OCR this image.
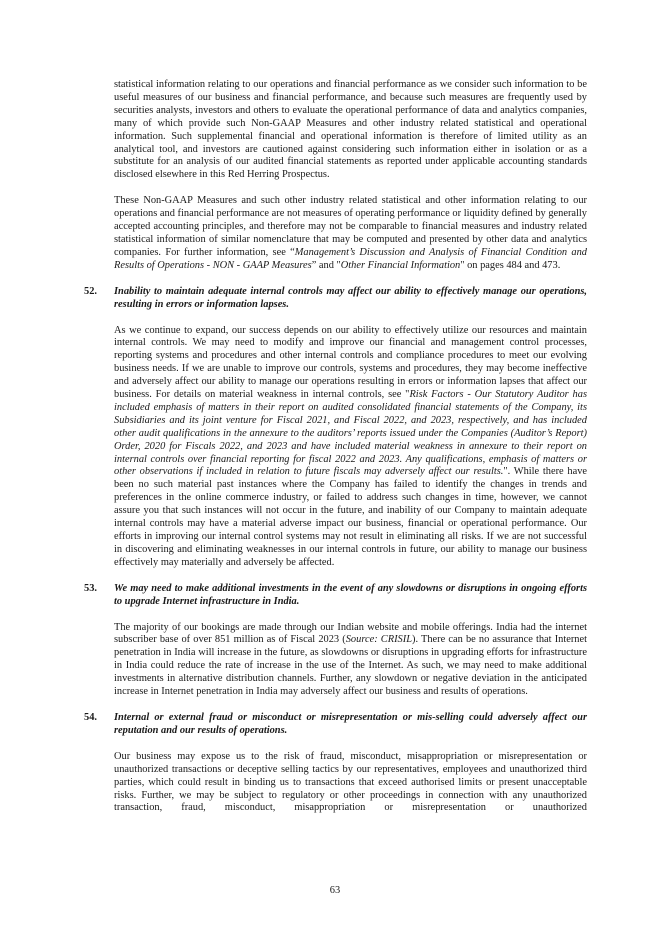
statistical information relating to our operations and financial performance as we consider such information to be useful measures of our business and financial performance, and because such measures are frequently used by securities analysts, investors and others to evaluate the operational performance of data and analytics companies, many of which provide such Non-GAAP Measures and other industry related statistical and operational information. Such supplemental financial and operational information is therefore of limited utility as an analytical tool, and investors are cautioned against considering such information either in isolation or as a substitute for an analysis of our audited financial statements as reported under applicable accounting standards disclosed elsewhere in this Red Herring Prospectus.

These Non-GAAP Measures and such other industry related statistical and other information relating to our operations and financial performance are not measures of operating performance or liquidity defined by generally accepted accounting principles, and therefore may not be comparable to financial measures and industry related statistical information of similar nomenclature that may be computed and presented by other data and analytics companies. For further information, see “Management’s Discussion and Analysis of Financial Condition and Results of Operations - NON - GAAP Measures” and "Other Financial Information" on pages 484 and 473.

52. Inability to maintain adequate internal controls may affect our ability to effectively manage our operations, resulting in errors or information lapses.

As we continue to expand, our success depends on our ability to effectively utilize our resources and maintain internal controls. We may need to modify and improve our financial and management control processes, reporting systems and procedures and other internal controls and compliance procedures to meet our evolving business needs. If we are unable to improve our controls, systems and procedures, they may become ineffective and adversely affect our ability to manage our operations resulting in errors or information lapses that affect our business. For details on material weakness in internal controls, see "Risk Factors - Our Statutory Auditor has included emphasis of matters in their report on audited consolidated financial statements of the Company, its Subsidiaries and its joint venture for Fiscal 2021, and Fiscal 2022, and 2023, respectively, and has included other audit qualifications in the annexure to the auditors’ reports issued under the Companies (Auditor’s Report) Order, 2020 for Fiscals 2022, and 2023 and have included material weakness in annexure to their report on internal controls over financial reporting for fiscal 2022 and 2023. Any qualifications, emphasis of matters or other observations if included in relation to future fiscals may adversely affect our results.". While there have been no such material past instances where the Company has failed to identify the changes in trends and preferences in the online commerce industry, or failed to address such changes in time, however, we cannot assure you that such instances will not occur in the future, and inability of our Company to maintain adequate internal controls may have a material adverse impact our business, financial or operational performance. Our efforts in improving our internal control systems may not result in eliminating all risks. If we are not successful in discovering and eliminating weaknesses in our internal controls in future, our ability to manage our business effectively may materially and adversely be affected.

53. We may need to make additional investments in the event of any slowdowns or disruptions in ongoing efforts to upgrade Internet infrastructure in India.

The majority of our bookings are made through our Indian website and mobile offerings. India had the internet subscriber base of over 851 million as of Fiscal 2023 (Source: CRISIL). There can be no assurance that Internet penetration in India will increase in the future, as slowdowns or disruptions in upgrading efforts for infrastructure in India could reduce the rate of increase in the use of the Internet. As such, we may need to make additional investments in alternative distribution channels. Further, any slowdown or negative deviation in the anticipated increase in Internet penetration in India may adversely affect our business and results of operations.

54. Internal or external fraud or misconduct or misrepresentation or mis-selling could adversely affect our reputation and our results of operations.

Our business may expose us to the risk of fraud, misconduct, misappropriation or misrepresentation or unauthorized transactions or deceptive selling tactics by our representatives, employees and unauthorized third parties, which could result in binding us to transactions that exceed authorised limits or present unacceptable risks. Further, we may be subject to regulatory or other proceedings in connection with any unauthorized transaction, fraud, misconduct, misappropriation or misrepresentation or unauthorized

63
